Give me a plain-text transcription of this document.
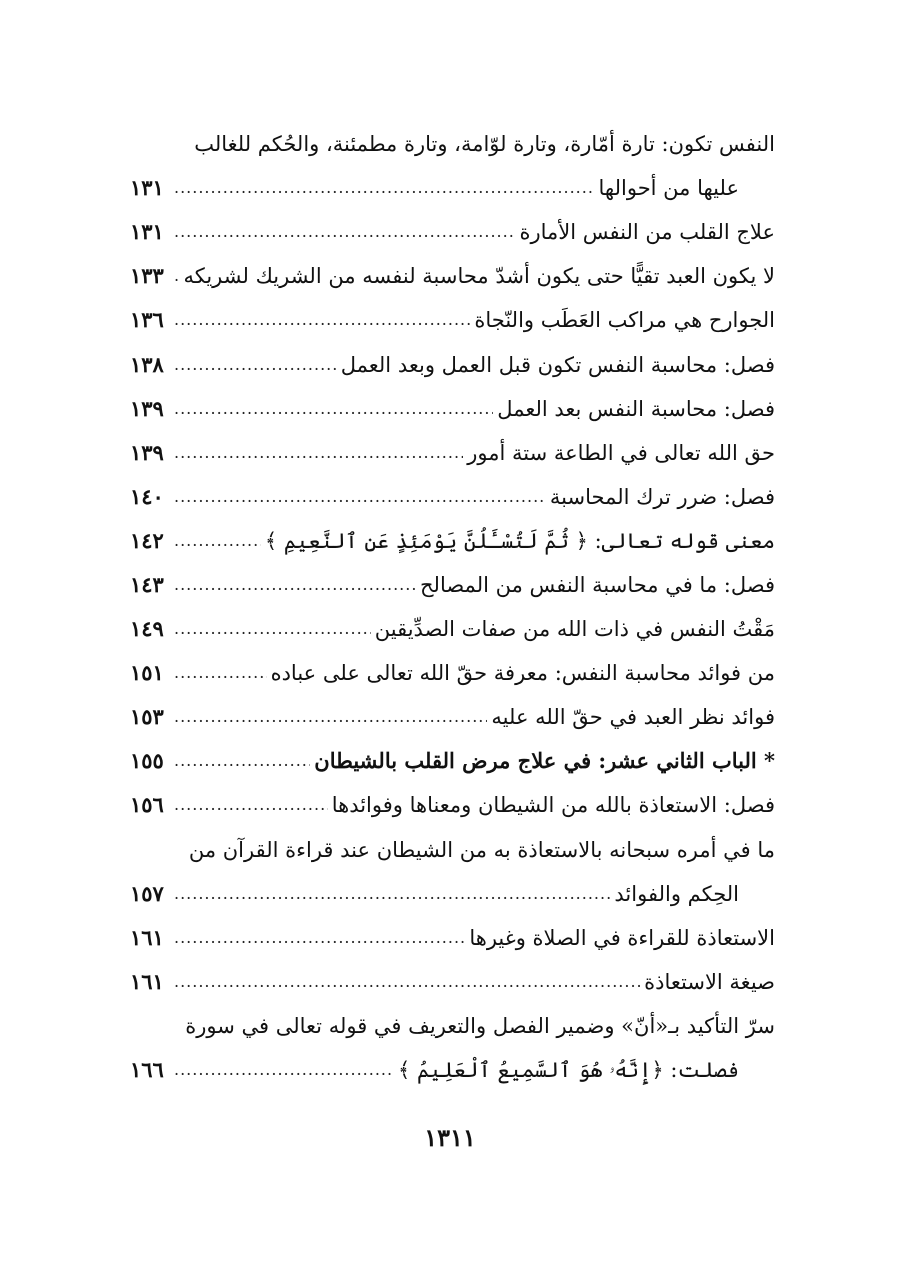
النفس تكون: تارة أمّارة، وتارة لوّامة، وتارة مطمئنة، والحُكم للغالب
عليها من أحوالها
.....
١٣١
علاج القلب من النفس الأمارة
.....
١٣١
لا يكون العبد تقيًّا حتى يكون أشدّ محاسبة لنفسه من الشريك لشريكه
.....
١٣٣
الجوارح هي مراكب العَطَب والنّجاة
.....
١٣٦
فصل: محاسبة النفس تكون قبل العمل وبعد العمل
.....
١٣٨
فصل: محاسبة النفس بعد العمل
.....
١٣٩
حق الله تعالى في الطاعة ستة أمور
.....
١٣٩
فصل: ضرر ترك المحاسبة
.....
١٤٠
معنى قوله تعالى: ﴿ ثُمَّ لَتُسْـَٔلُنَّ يَوْمَئِذٍ عَنِ ٱلنَّعِيمِ ﴾
.....
١٤٢
فصل: ما في محاسبة النفس من المصالح
.....
١٤٣
مَقْتُ النفس في ذات الله من صفات الصدِّيقين
.....
١٤٩
من فوائد محاسبة النفس: معرفة حقّ الله تعالى على عباده
.....
١٥١
فوائد نظر العبد في حقّ الله عليه
.....
١٥٣
* الباب الثاني عشر: في علاج مرض القلب بالشيطان
.....
١٥٥
فصل: الاستعاذة بالله من الشيطان ومعناها وفوائدها
.....
١٥٦
ما في أمره سبحانه بالاستعاذة به من الشيطان عند قراءة القرآن من
الحِكم والفوائد
.....
١٥٧
الاستعاذة للقراءة في الصلاة وغيرها
.....
١٦١
صيغة الاستعاذة
.....
١٦١
سرّ التأكيد بـ«أنّ» وضمير الفصل والتعريف في قوله تعالى في سورة
فصلت: ﴿إِنَّهُۥ هُوَ ٱلسَّمِيعُ ٱلْعَلِيمُ ﴾
.....
١٦٦
١٣١١
